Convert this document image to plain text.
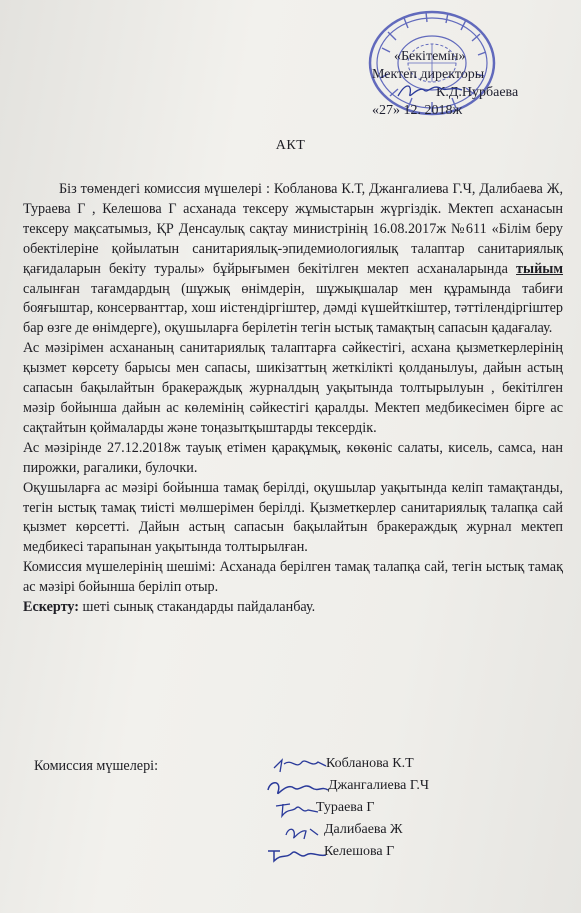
«Бекітемін»
Мектеп директоры
К.Д.Нурбаева
«27» 12. 2018ж
АКТ

Біз төмендегі комиссия мүшелері : Кобланова К.Т, Джангалиева Г.Ч, Далибаева Ж, Тураева Г , Келешова Г асханада тексеру жұмыстарын жүргіздік. Мектеп асханасын тексеру мақсатымыз, ҚР Денсаулық сақтау министрінің 16.08.2017ж №611 «Білім беру обектілеріне қойылатын санитариялық-эпидемиологиялық талаптар санитариялық қағидаларын бекіту туралы» бұйрығымен бекітілген мектеп асханаларында тыйым салынған тағамдардың (шұжық өнімдерін, шұжықшалар мен құрамында табиғи бояғыштар, консерванттар, хош иістендіргіштер, дәмді күшейткіштер, тәттілендіргіштер бар өзге де өнімдерге), оқушыларға берілетін тегін ыстық тамақтың сапасын қадағалау.

Ас мәзірімен асхананың санитариялық талаптарға сәйкестігі, асхана қызметкерлерінің қызмет көрсету барысы мен сапасы, шикізаттың жеткілікті қолданылуы, дайын астың сапасын бақылайтын бракераждық журналдың уақытында толтырылуын , бекітілген мәзір бойынша дайын ас көлемінің сәйкестігі қаралды. Мектеп медбикесімен бірге ас сақтайтын қоймаларды және тоңазытқыштарды тексердік.

Ас мәзірінде 27.12.2018ж тауық етімен қарақұмық, көкөніс салаты, кисель, самса, нан пирожки, рагалики, булочки.

Оқушыларға ас мәзірі бойынша тамақ берілді, оқушылар уақытында келіп тамақтанды, тегін ыстық тамақ тиісті мөлшерімен берілді. Қызметкерлер санитариялық талапқа сай қызмет көрсетті. Дайын астың сапасын бақылайтын бракераждық журнал мектеп медбикесі тарапынан уақытында толтырылған.

Комиссия мүшелерінің шешімі: Асханада берілген тамақ талапқа сай, тегін ыстық тамақ ас мәзірі бойынша беріліп отыр.

Ескерту: шеті сынық стакандарды пайдаланбау.

Комиссия мүшелері:	Кобланова К.Т
Джангалиева Г.Ч
Тураева Г
Далибаева Ж
Келешова Г
